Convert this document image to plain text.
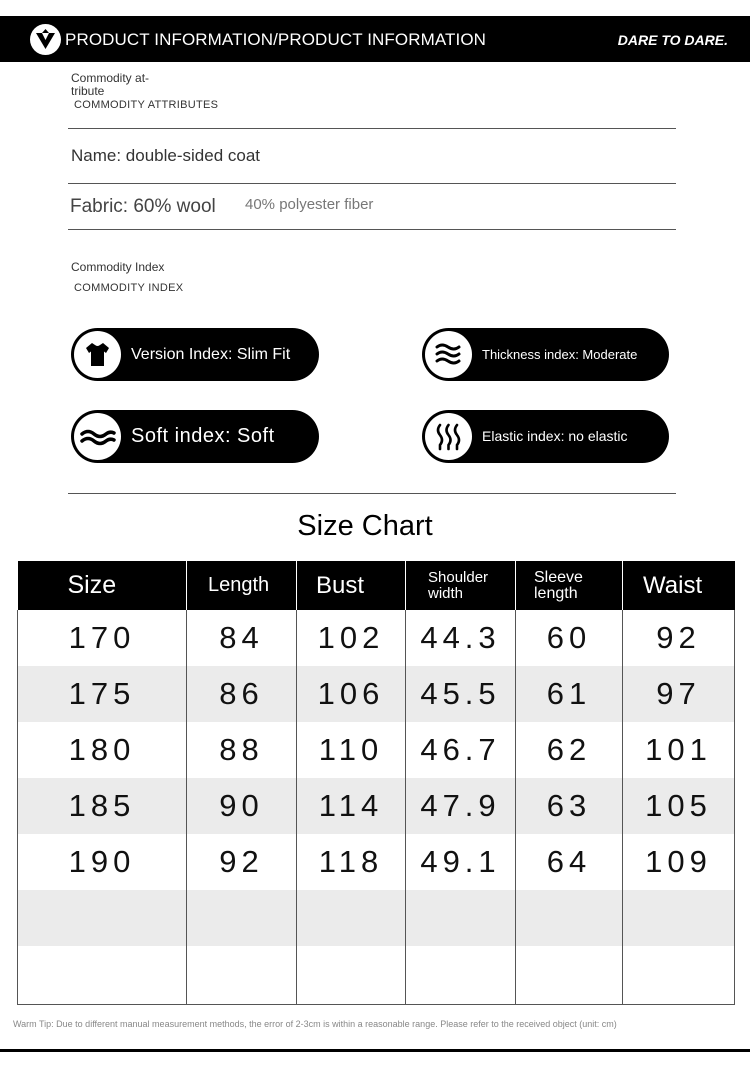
PRODUCT INFORMATION/PRODUCT INFORMATION	DARE TO DARE.
Commodity at-
tribute
COMMODITY ATTRIBUTES
Name: double-sided coat
Fabric: 60% wool 40% polyester fiber
Commodity Index
COMMODITY INDEX
Version Index: Slim Fit	Thickness index: Moderate
Soft index: Soft	Elastic index: no elastic
Size Chart
Size	Length	Bust	Shoulder width	Sleeve length	Waist
170	84	102	44.3	60	92
175	86	106	45.5	61	97
180	88	110	46.7	62	101
185	90	114	47.9	63	105
190	92	118	49.1	64	109

Warm Tip: Due to different manual measurement methods, the error of 2-3cm is within a reasonable range. Please refer to the received object (unit: cm)
